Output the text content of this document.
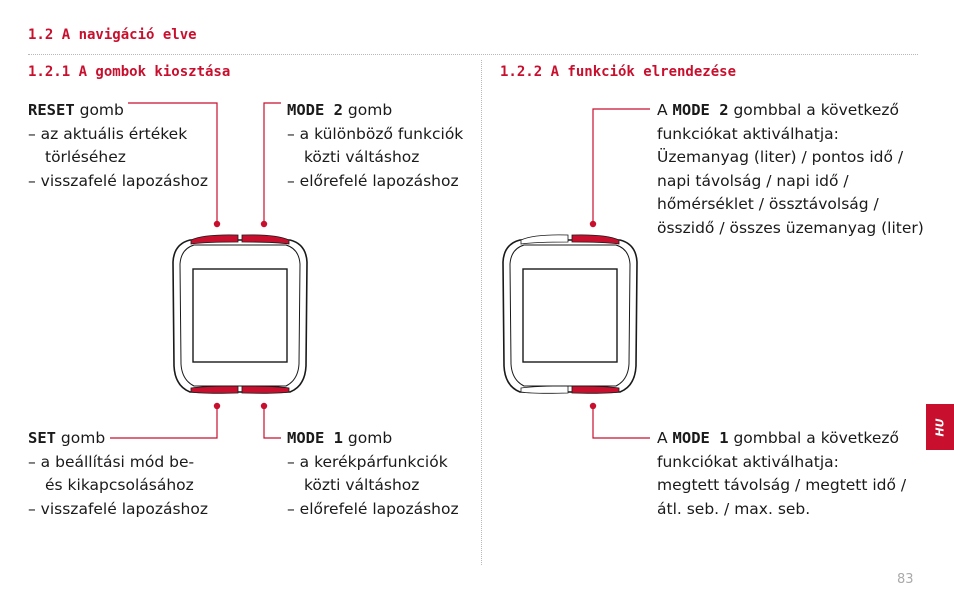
1.2 A navigáció elve
1.2.1 A gombok kiosztása	1.2.2 A funkciók elrendezése
RESET gomb
– az aktuális értékek
törléséhez
– visszafelé lapozáshoz
MODE 2 gomb
– a különböző funkciók
közti váltáshoz
– előrefelé lapozáshoz
SET gomb
– a beállítási mód be-
és kikapcsolásához
– visszafelé lapozáshoz
MODE 1 gomb
– a kerékpárfunkciók
közti váltáshoz
– előrefelé lapozáshoz
A MODE 2 gombbal a következő
funkciókat aktiválhatja:
Üzemanyag (liter) / pontos idő /
napi távolság / napi idő /
hőmérséklet / össztávolság /
összidő / összes üzemanyag (liter)
A MODE 1 gombbal a következő
funkciókat aktiválhatja:
megtett távolság / megtett idő /
átl. seb. / max. seb.
HU
83
